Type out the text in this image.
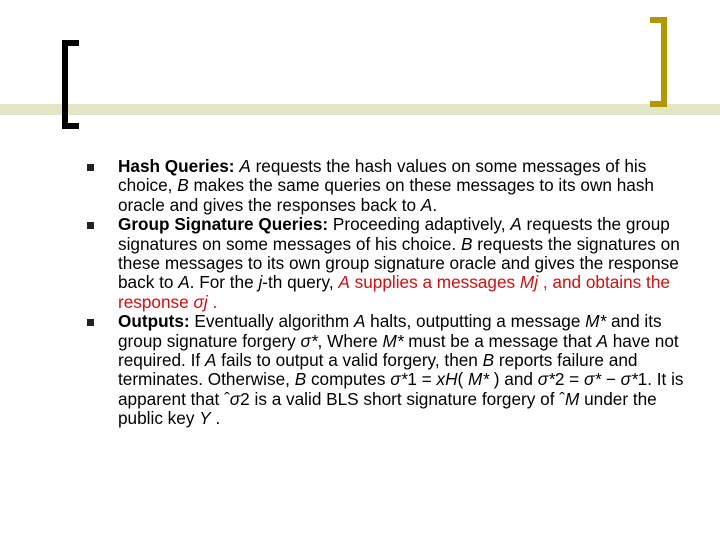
Hash Queries: A requests the hash values on some messages of his choice, B makes the same queries on these messages to its own hash oracle and gives the responses back to A.
Group Signature Queries: Proceeding adaptively, A requests the group signatures on some messages of his choice. B requests the signatures on these messages to its own group signature oracle and gives the response back to A. For the j-th query, A supplies a messages Mj , and obtains the response σj .
Outputs: Eventually algorithm A halts, outputting a message M* and its group signature forgery σ*, Where M* must be a message that A have not required. If A fails to output a valid forgery, then B reports failure and terminates. Otherwise, B computes σ*1 = xH( M* ) and σ*2 = σ* − σ*1. It is apparent that ˆσ2 is a valid BLS short signature forgery of ˆM under the public key Y .
